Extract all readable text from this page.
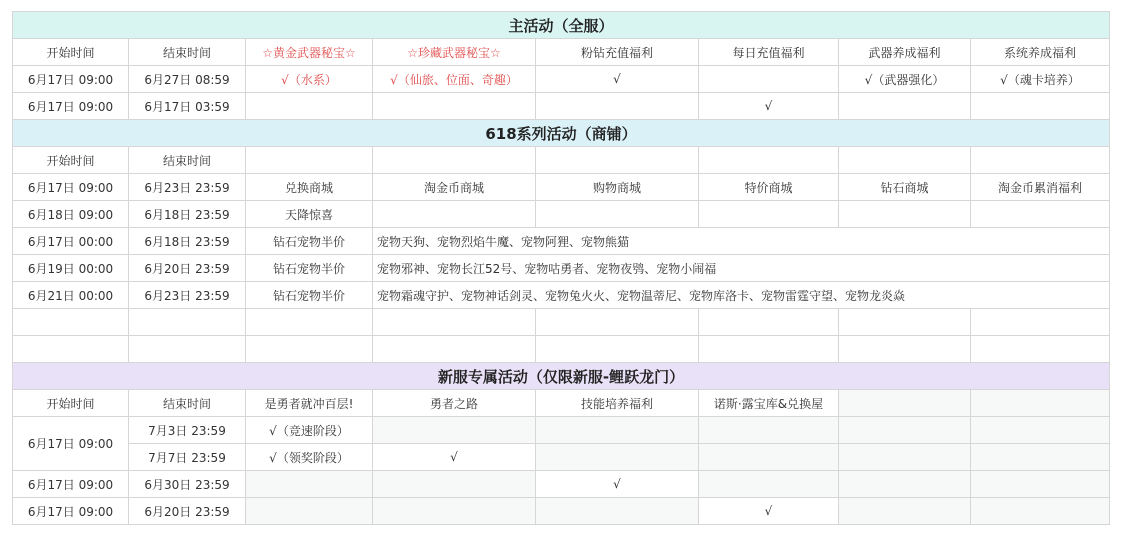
主活动（全服）							
开始时间	结束时间	☆黄金武器秘宝☆	☆珍藏武器秘宝☆	粉钻充值福利	每日充值福利	武器养成福利	系统养成福利
6月17日 09:00	6月27日 08:59	√（水系）	√（仙旅、位面、奇趣）	√		√（武器强化）	√（魂卡培养）
6月17日 09:00	6月17日 03:59				√		
618系列活动（商铺）							
开始时间	结束时间						
6月17日 09:00	6月23日 23:59	兑换商城	淘金币商城	购物商城	特价商城	钻石商城	淘金币累消福利
6月18日 09:00	6月18日 23:59	天降惊喜					
6月17日 00:00	6月18日 23:59	钻石宠物半价	宠物天狗、宠物烈焰牛魔、宠物阿狸、宠物熊猫				
6月19日 00:00	6月20日 23:59	钻石宠物半价	宠物邪神、宠物长江52号、宠物咕勇者、宠物夜鸮、宠物小闹福				
6月21日 00:00	6月23日 23:59	钻石宠物半价	宠物霜魂守护、宠物神话剑灵、宠物兔火火、宠物温蒂尼、宠物库洛卡、宠物雷霆守望、宠物龙炎焱				

新服专属活动（仅限新服-鲤跃龙门）							
开始时间	结束时间	是勇者就冲百层!	勇者之路	技能培养福利	诺斯·露宝库&兑换屋		
6月17日 09:00	7月3日 23:59	√（竞速阶段）					
	7月7日 23:59	√（领奖阶段）	√				
6月17日 09:00	6月30日 23:59			√			
6月17日 09:00	6月20日 23:59				√		
